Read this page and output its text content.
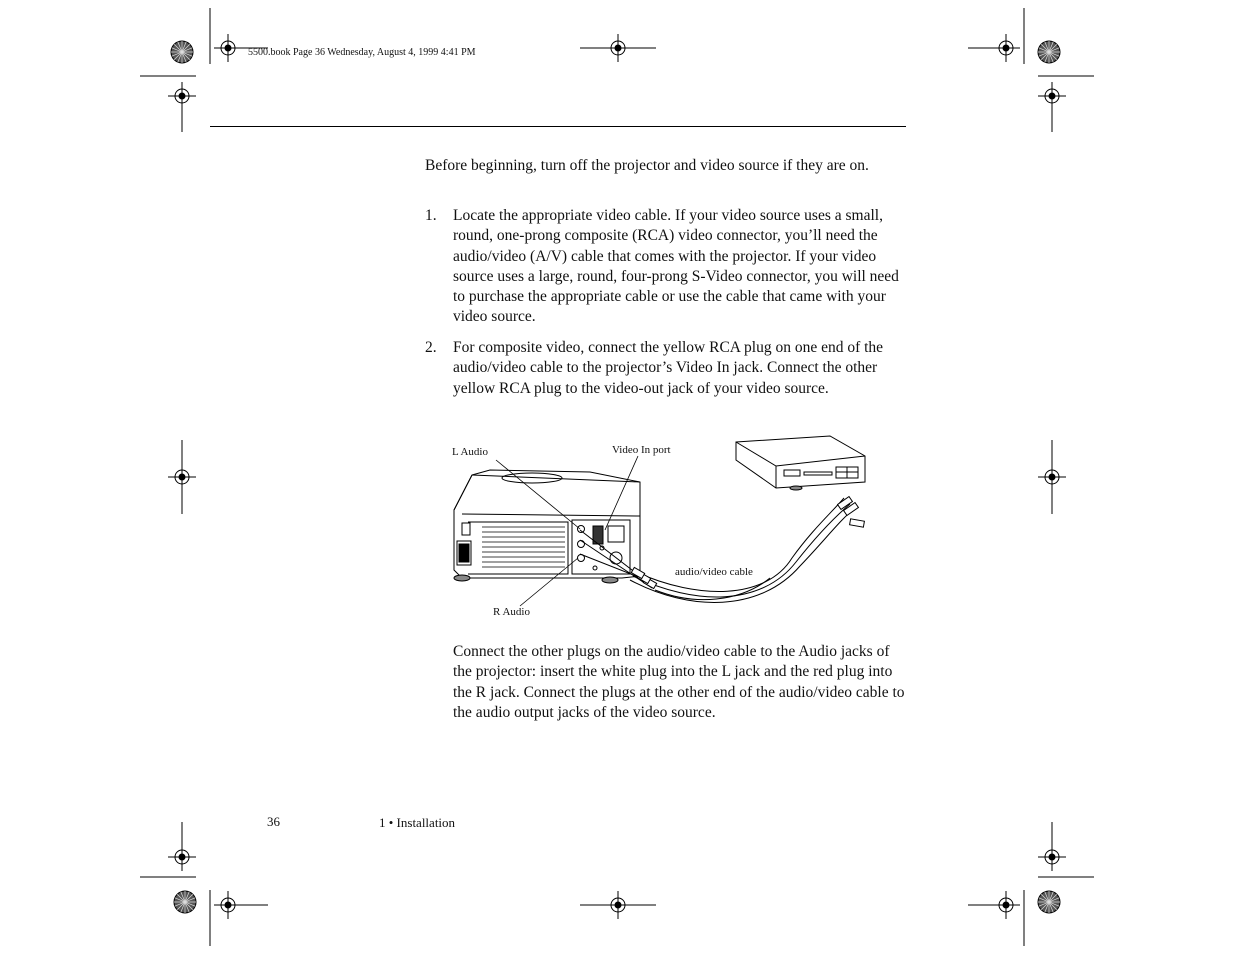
5500.book Page 36 Wednesday, August 4, 1999 4:41 PM

Before beginning, turn off the projector and video source if they are on.

1.	Locate the appropriate video cable. If your video source uses a small, round, one-prong composite (RCA) video connector, you’ll need the audio/video (A/V) cable that comes with the projector. If your video source uses a large, round, four-prong S-Video connector, you will need to purchase the appropriate cable or use the cable that came with your video source.
2.	For composite video, connect the yellow RCA plug on one end of the audio/video cable to the projector’s Video In jack. Connect the other yellow RCA plug to the video-out jack of your video source.
L Audio	Video In port
audio/video cable
R Audio

Connect the other plugs on the audio/video cable to the Audio jacks of the projector: insert the white plug into the L jack and the red plug into the R jack. Connect the plugs at the other end of the audio/video cable to the audio output jacks of the video source.

36	1 • Installation
